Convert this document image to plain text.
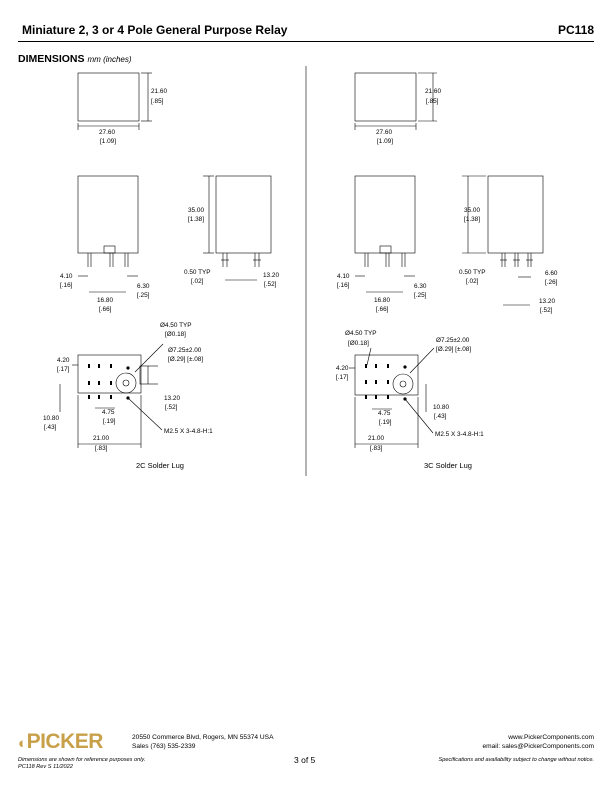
Miniature 2, 3 or 4 Pole General Purpose Relay	PC118
DIMENSIONS mm (inches)
21.60
[.85]
27.60
[1.09]
4.10
[.16]
16.80
[.66]
6.30
[.25]
35.00
[1.38]
0.50 TYP
[.02]
13.20
[.52]
Ø4.50 TYP
[Ø0.18]
Ø7.25±2.00
[Ø.29] [±.08]
4.20
[.17]
10.80
[.43]
4.75
[.19]
13.20
[.52]
M2.5 X 3-4.8-H:1
21.00
[.83]
2C Solder Lug
21.60
[.85]
27.60
[1.09]
4.10
[.16]
16.80
[.66]
6.30
[.25]
35.00
[1.38]
0.50 TYP
[.02]
6.60
[.26]
13.20
[.52]
Ø4.50 TYP
[Ø0.18]	Ø7.25±2.00
[Ø.29] [±.08]
4.20
[.17]
10.80
[.43]
4.75
[.19]
M2.5 X 3-4.8-H:1
21.00
[.83]
3C Solder Lug
◐PICKER	20550 Commerce Blvd, Rogers, MN 55374 USA
Sales (763) 535-2339
www.PickerComponents.com
email: sales@PickerComponents.com
3 of 5
Dimensions are shown for reference purposes only.
PC118 Rev S 11/2022
Specifications and availability subject to change without notice.
